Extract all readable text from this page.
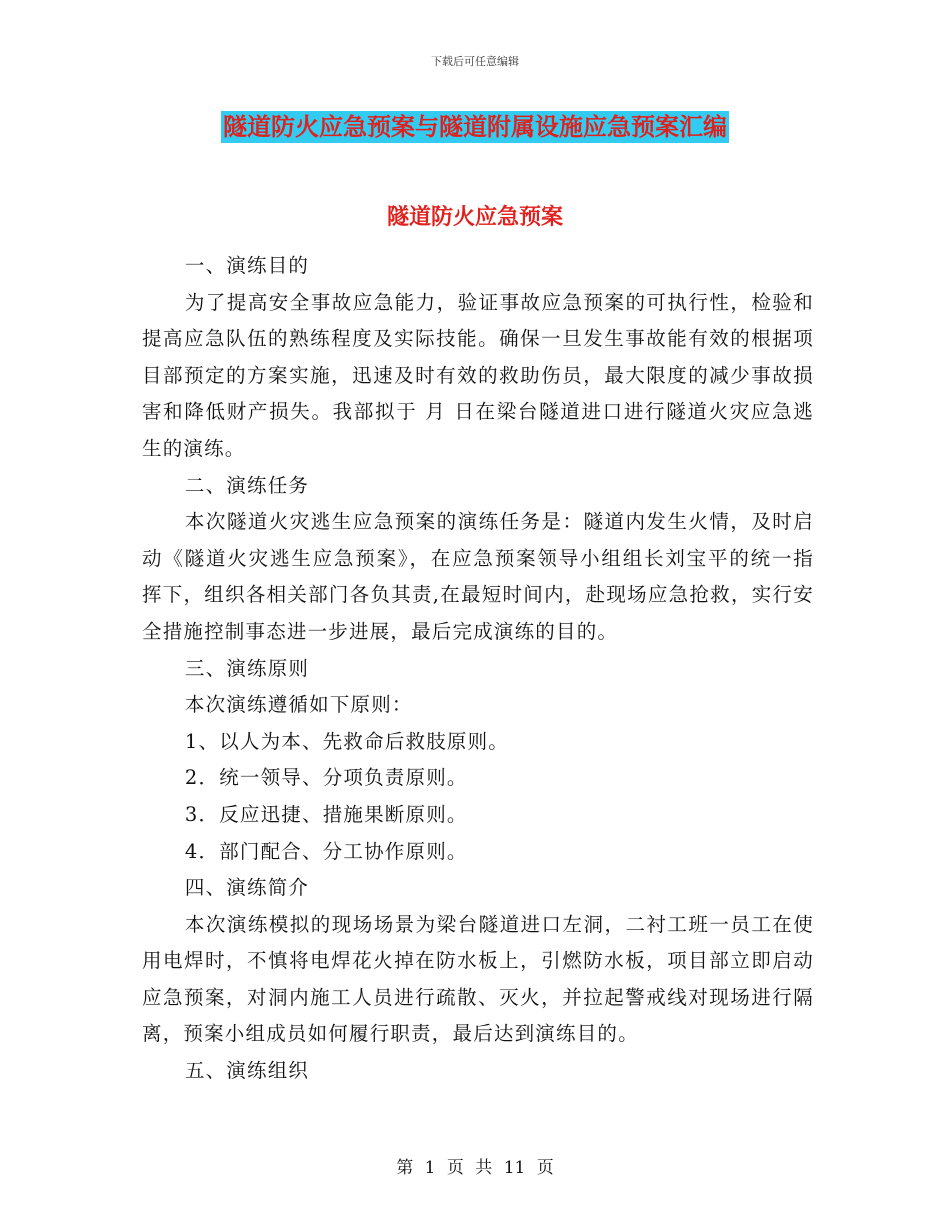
下载后可任意编辑
隧道防火应急预案与隧道附属设施应急预案汇编
隧道防火应急预案

一、演练目的

为了提高安全事故应急能力，验证事故应急预案的可执行性，检验和提高应急队伍的熟练程度及实际技能。确保一旦发生事故能有效的根据项目部预定的方案实施，迅速及时有效的救助伤员，最大限度的减少事故损害和降低财产损失。我部拟于 月 日在梁台隧道进口进行隧道火灾应急逃生的演练。

二、演练任务

本次隧道火灾逃生应急预案的演练任务是：隧道内发生火情，及时启动《隧道火灾逃生应急预案》，在应急预案领导小组组长刘宝平的统一指挥下，组织各相关部门各负其责,在最短时间内，赴现场应急抢救，实行安全措施控制事态进一步进展，最后完成演练的目的。

三、演练原则

本次演练遵循如下原则：

1、以人为本、先救命后救肢原则。

2．统一领导、分项负责原则。

3．反应迅捷、措施果断原则。

4．部门配合、分工协作原则。

四、演练简介

本次演练模拟的现场场景为梁台隧道进口左洞，二衬工班一员工在使用电焊时，不慎将电焊花火掉在防水板上，引燃防水板，项目部立即启动应急预案，对洞内施工人员进行疏散、灭火，并拉起警戒线对现场进行隔离，预案小组成员如何履行职责，最后达到演练目的。

五、演练组织

第 1 页 共 11 页
